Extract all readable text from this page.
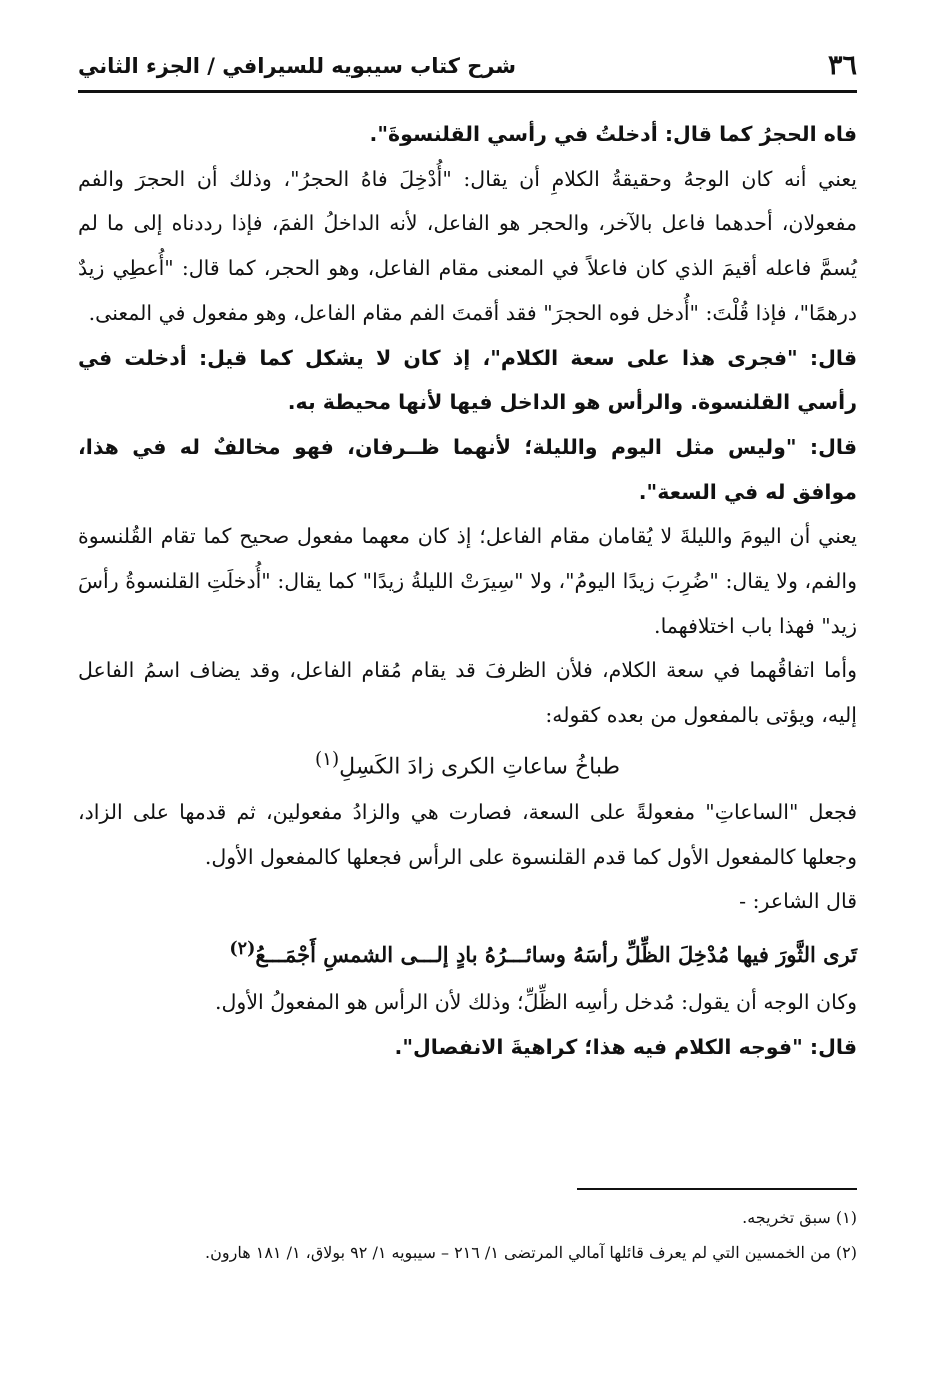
٣٦
شرح كتاب سيبويه للسيرافي / الجزء الثاني

فاه الحجرُ كما قال: أدخلتُ في رأسي القلنسوةَ".

يعني أنه كان الوجهُ وحقيقةُ الكلامِ أن يقال: "أُدْخِلَ فاهُ الحجرُ"، وذلك أن الحجرَ والفم مفعولان، أحدهما فاعل بالآخر، والحجر هو الفاعل، لأنه الداخلُ الفمَ، فإذا رددناه إلى ما لم يُسمَّ فاعله أقيمَ الذي كان فاعلاً في المعنى مقام الفاعل، وهو الحجر، كما قال: "أُعطِي زيدٌ درهمًا"، فإذا قُلْتَ: "أُدخل فوه الحجرَ" فقد أقمتَ الفم مقام الفاعل، وهو مفعول في المعنى.

قال: "فجرى هذا على سعة الكلام"، إذ كان لا يشكل كما قيل: أدخلت في رأسي القلنسوة. والرأس هو الداخل فيها لأنها محيطة به.

قال: "وليس مثل اليوم والليلة؛ لأنهما ظــرفان، فهو مخالفٌ له في هذا، موافق له في السعة".

يعني أن اليومَ والليلةَ لا يُقامان مقام الفاعل؛ إذ كان معهما مفعول صحيح كما تقام القُلنسوة والفم، ولا يقال: "ضُرِبَ زيدًا اليومُ"، ولا "سِيرَتْ الليلةُ زيدًا" كما يقال: "أُدخلَتِ القلنسوةُ رأسَ زيد" فهذا باب اختلافهما.

وأما اتفاقُهما في سعة الكلام، فلأن الظرفَ قد يقام مُقام الفاعل، وقد يضاف اسمُ الفاعل إليه، ويؤتى بالمفعول من بعده كقوله:

طباخُ ساعاتِ الكرى زادَ الكَسِلِ$^{(١)}$

فجعل "الساعاتِ" مفعولةً على السعة، فصارت هي والزادُ مفعولين، ثم قدمها على الزاد، وجعلها كالمفعول الأول كما قدم القلنسوة على الرأس فجعلها كالمفعول الأول.

قال الشاعر: -

تَرى الثَّورَ فيها مُدْخِلَ الظِّلِّ رأسَهُ وسائـــرُهُ بادٍ إلـــى الشمسِ أَجْمَـــعُ$^{(٢)}$

وكان الوجه أن يقول: مُدخل رأسِه الظِّلِّ؛ وذلك لأن الرأس هو المفعولُ الأول.

قال: "فوجه الكلام فيه هذا؛ كراهيةَ الانفصال".

(١) سبق تخريجه.

(٢) من الخمسين التي لم يعرف قائلها آمالي المرتضى ١/ ٢١٦ – سيبويه ١/ ٩٢ بولاق، ١/ ١٨١ هارون.
